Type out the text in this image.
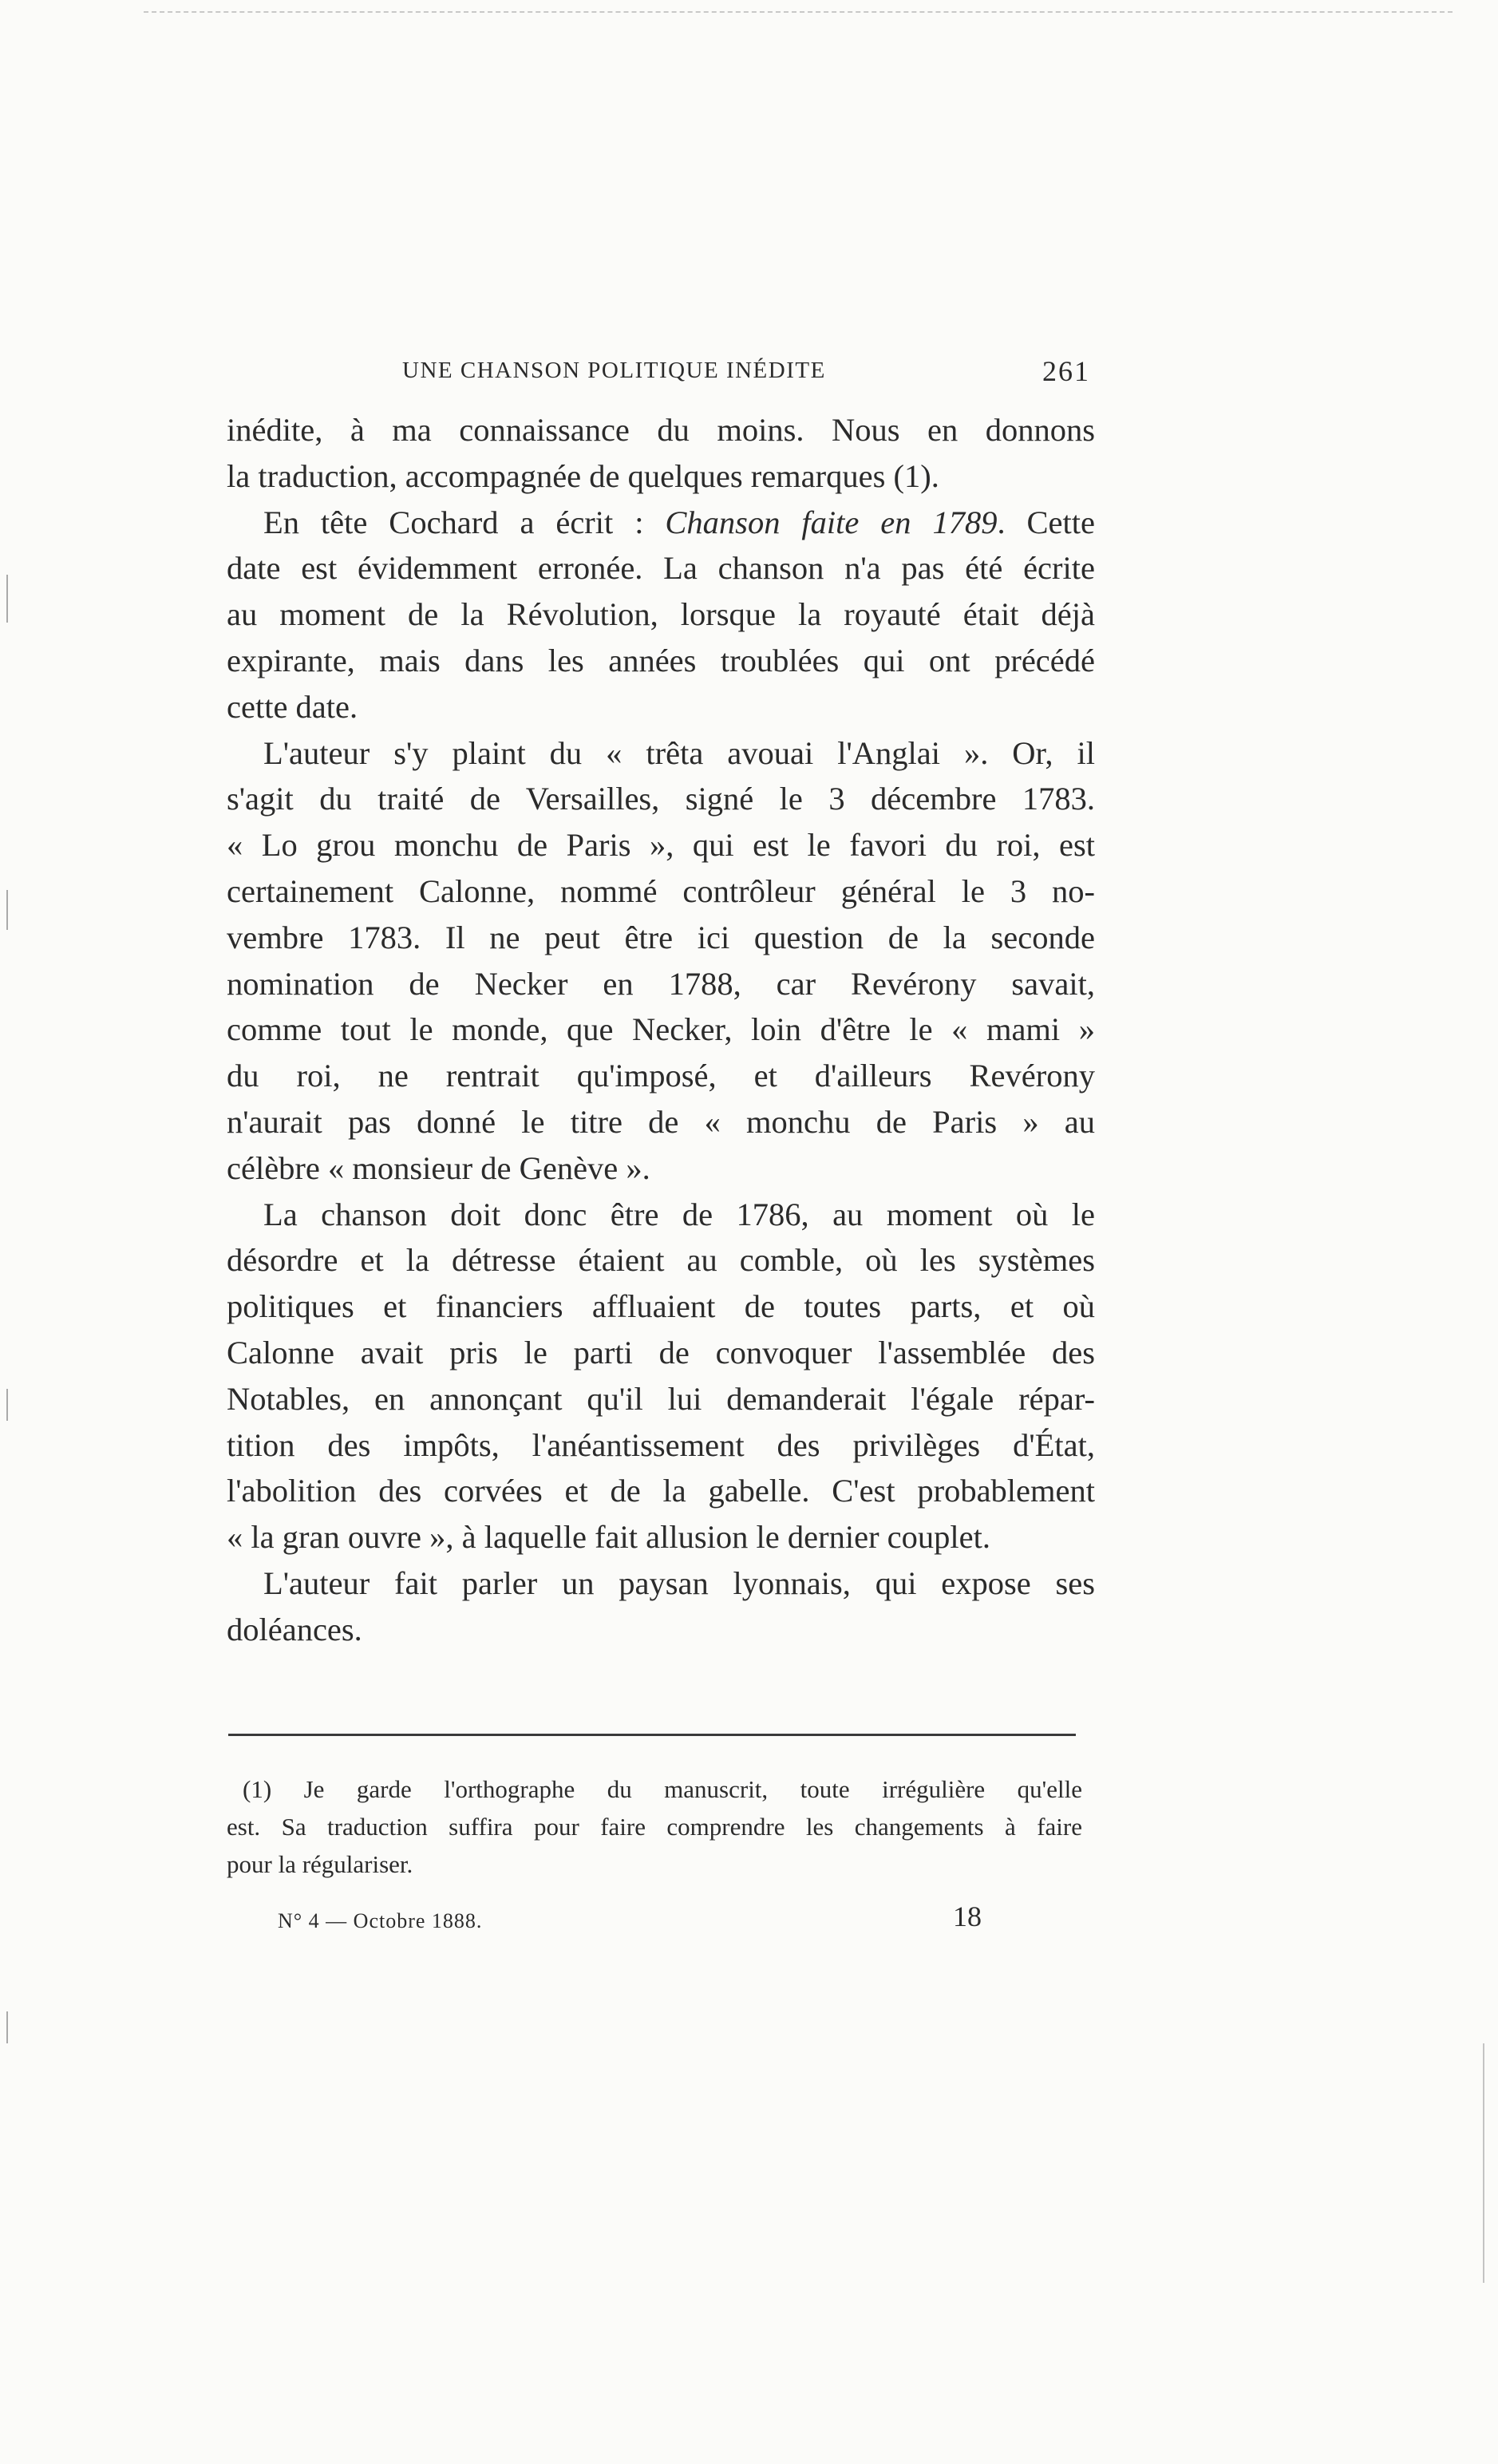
UNE CHANSON POLITIQUE INÉDITE	261

inédite, à ma connaissance du moins. Nous en donnons
la traduction, accompagnée de quelques remarques (1).

En tête Cochard a écrit : Chanson faite en 1789. Cette
date est évidemment erronée. La chanson n'a pas été écrite
au moment de la Révolution, lorsque la royauté était déjà
expirante, mais dans les années troublées qui ont précédé
cette date.

L'auteur s'y plaint du « trêta avouai l'Anglai ». Or, il
s'agit du traité de Versailles, signé le 3 décembre 1783.
« Lo grou monchu de Paris », qui est le favori du roi, est
certainement Calonne, nommé contrôleur général le 3 no-
vembre 1783. Il ne peut être ici question de la seconde
nomination de Necker en 1788, car Revérony savait,
comme tout le monde, que Necker, loin d'être le « mami »
du roi, ne rentrait qu'imposé, et d'ailleurs Revérony
n'aurait pas donné le titre de « monchu de Paris » au
célèbre « monsieur de Genève ».

La chanson doit donc être de 1786, au moment où le
désordre et la détresse étaient au comble, où les systèmes
politiques et financiers affluaient de toutes parts, et où
Calonne avait pris le parti de convoquer l'assemblée des
Notables, en annonçant qu'il lui demanderait l'égale répar-
tition des impôts, l'anéantissement des privilèges d'État,
l'abolition des corvées et de la gabelle. C'est probablement
« la gran ouvre », à laquelle fait allusion le dernier couplet.

L'auteur fait parler un paysan lyonnais, qui expose ses
doléances.

(1) Je garde l'orthographe du manuscrit, toute irrégulière qu'elle
est. Sa traduction suffira pour faire comprendre les changements à faire
pour la régulariser.
N° 4 — Octobre 1888.	18
